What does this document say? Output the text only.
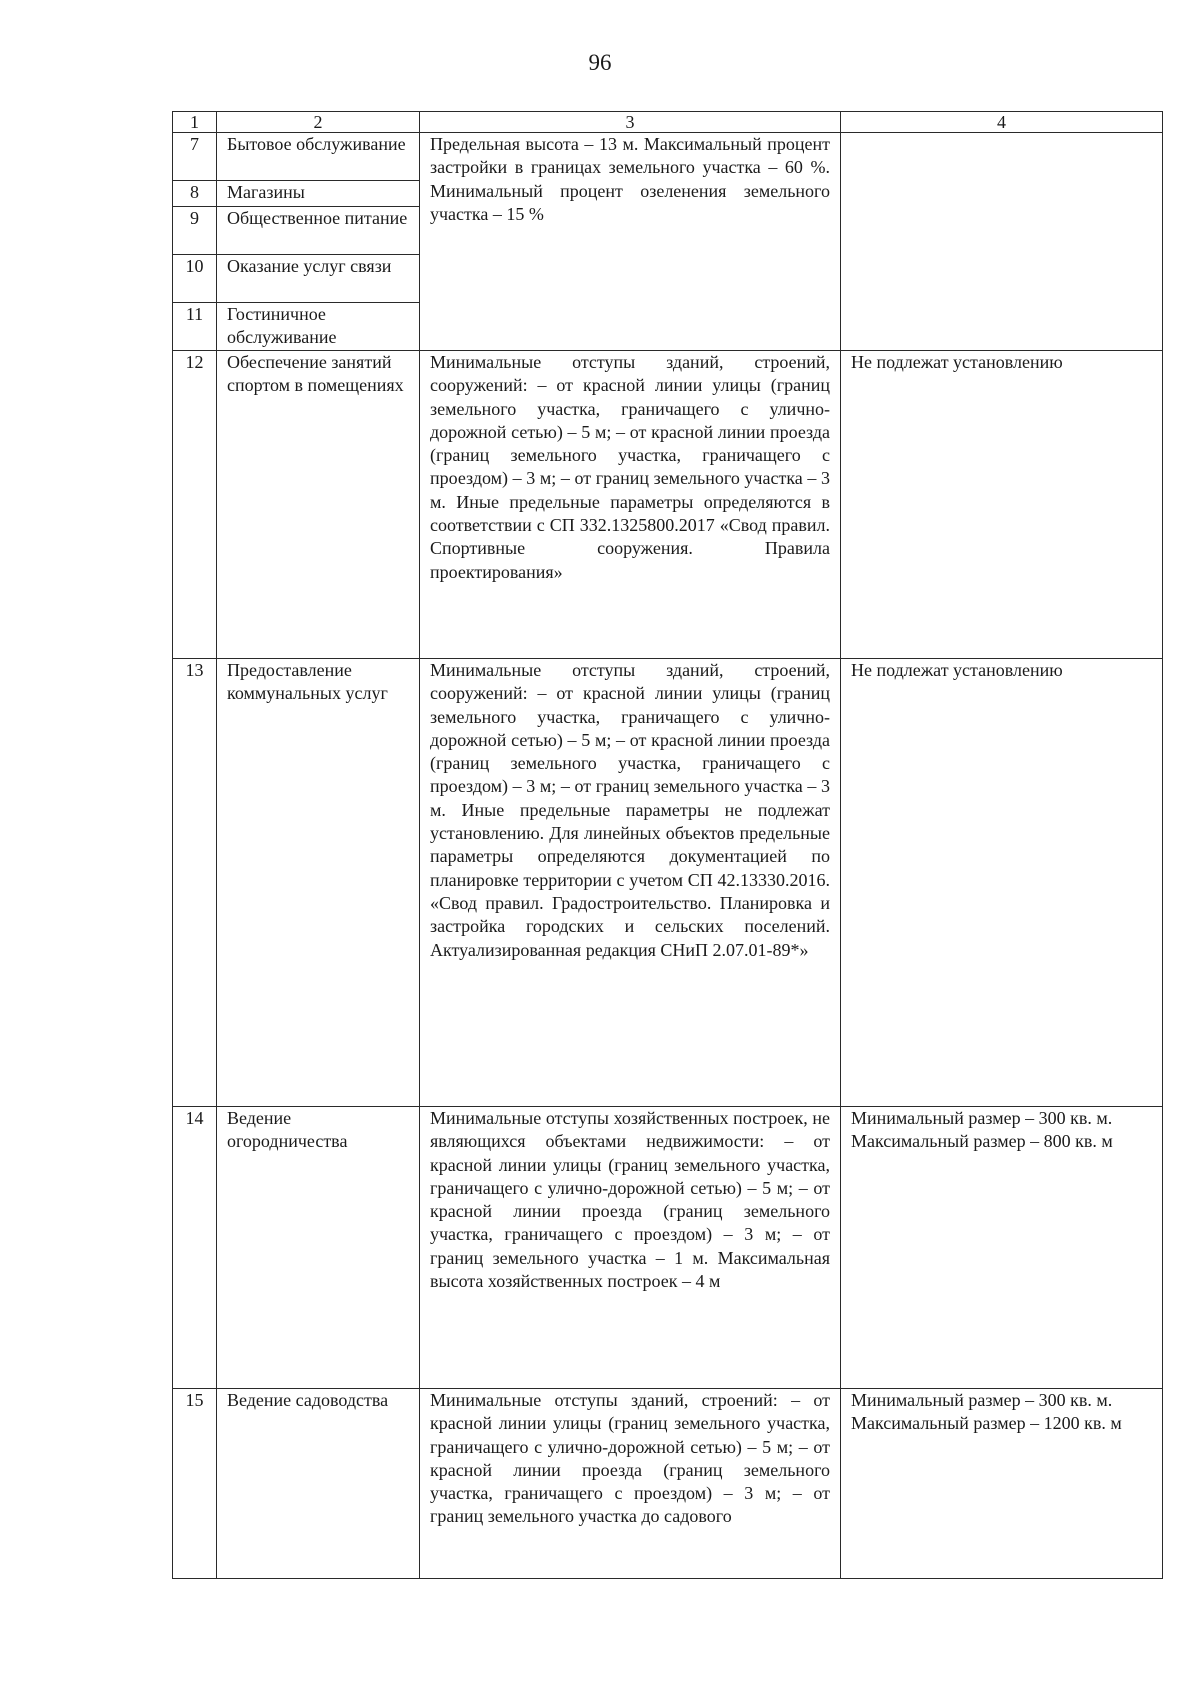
96
1	2	3	4
7	Бытовое обслуживание	Предельная высота – 13 м. Максимальный процент застройки в границах земельного участка – 60 %. Минимальный процент озеленения земельного участка – 15 %	
8	Магазины		
9	Общественное питание		
10	Оказание услуг связи		
11	Гостиничное обслуживание		
12	Обеспечение занятий спортом в помещениях	Минимальные отступы зданий, строений, сооружений: – от красной линии улицы (границ земельного участка, граничащего с улично-дорожной сетью) – 5 м; – от красной линии проезда (границ земельного участка, граничащего с проездом) – 3 м; – от границ земельного участка – 3 м. Иные предельные параметры определяются в соответствии с СП 332.1325800.2017 «Свод правил. Спортивные сооружения. Правила проектирования»	Не подлежат установлению
13	Предоставление коммунальных услуг	Минимальные отступы зданий, строений, сооружений: – от красной линии улицы (границ земельного участка, граничащего с улично-дорожной сетью) – 5 м; – от красной линии проезда (границ земельного участка, граничащего с проездом) – 3 м; – от границ земельного участка – 3 м. Иные предельные параметры не подлежат установлению. Для линейных объектов предельные параметры определяются документацией по планировке территории с учетом СП 42.13330.2016. «Свод правил. Градостроительство. Планировка и застройка городских и сельских поселений. Актуализированная редакция СНиП 2.07.01-89*»	Не подлежат установлению
14	Ведение огородничества	Минимальные отступы хозяйственных построек, не являющихся объектами недвижимости: – от красной линии улицы (границ земельного участка, граничащего с улично-дорожной сетью) – 5 м; – от красной линии проезда (границ земельного участка, граничащего с проездом) – 3 м; – от границ земельного участка – 1 м. Максимальная высота хозяйственных построек – 4 м	Минимальный размер – 300 кв. м. Максимальный размер – 800 кв. м
15	Ведение садоводства	Минимальные отступы зданий, строений: – от красной линии улицы (границ земельного участка, граничащего с улично-дорожной сетью) – 5 м; – от красной линии проезда (границ земельного участка, граничащего с проездом) – 3 м; – от границ земельного участка до садового	Минимальный размер – 300 кв. м. Максимальный размер – 1200 кв. м
